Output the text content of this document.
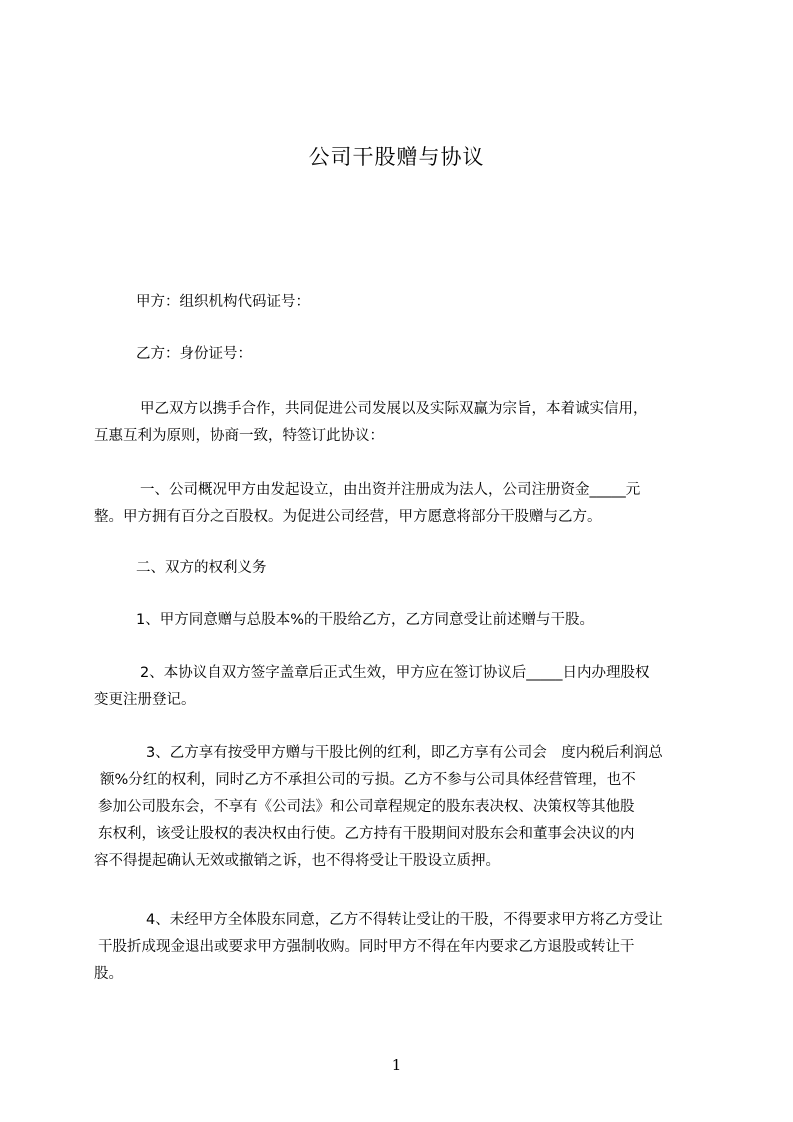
公司干股赠与协议
甲方：组织机构代码证号：
乙方：身份证号：
甲乙双方以携手合作，共同促进公司发展以及实际双赢为宗旨，本着诚实信用，
互惠互利为原则，协商一致，特签订此协议：
一、公司概况甲方由发起设立，由出资并注册成为法人，公司注册资金_____元
整。甲方拥有百分之百股权。为促进公司经营，甲方愿意将部分干股赠与乙方。
二、双方的权利义务
1、甲方同意赠与总股本%的干股给乙方，乙方同意受让前述赠与干股。
2、本协议自双方签字盖章后正式生效，甲方应在签订协议后_____日内办理股权
变更注册登记。
3、乙方享有按受甲方赠与干股比例的红利，即乙方享有公司会　度内税后利润总
额%分红的权利，同时乙方不承担公司的亏损。乙方不参与公司具体经营管理，也不
参加公司股东会，不享有《公司法》和公司章程规定的股东表决权、决策权等其他股
东权利，该受让股权的表决权由行使。乙方持有干股期间对股东会和董事会决议的内
容不得提起确认无效或撤销之诉，也不得将受让干股设立质押。
4、未经甲方全体股东同意，乙方不得转让受让的干股，不得要求甲方将乙方受让
干股折成现金退出或要求甲方强制收购。同时甲方不得在年内要求乙方退股或转让干
股。
1
